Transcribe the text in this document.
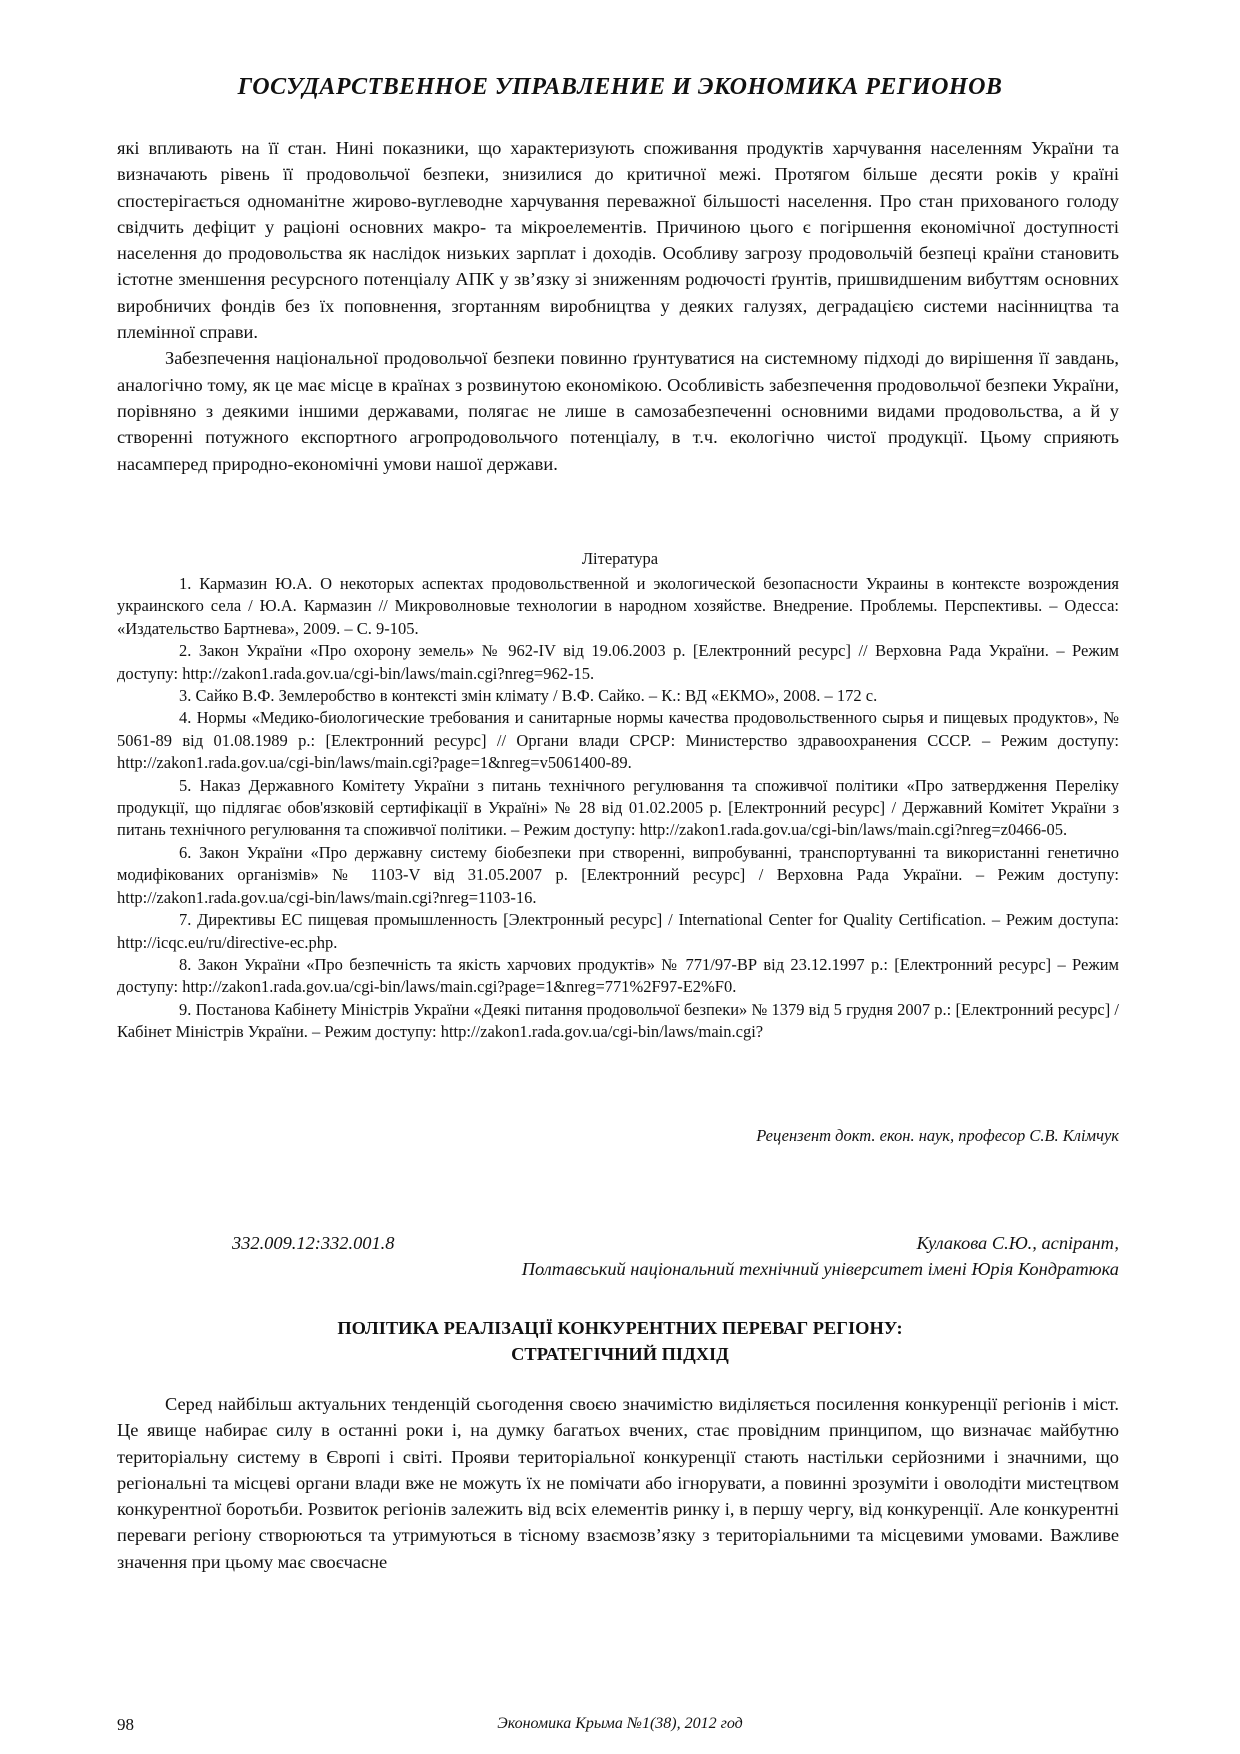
ГОСУДАРСТВЕННОЕ УПРАВЛЕНИЕ И ЭКОНОМИКА РЕГИОНОВ

які впливають на її стан. Нині показники, що характеризують споживання продуктів харчування населенням України та визначають рівень її продовольчої безпеки, знизилися до критичної межі. Протягом більше десяти років у країні спостерігається одноманітне жирово-вуглеводне харчування переважної більшості населення. Про стан прихованого голоду свідчить дефіцит у раціоні основних макро- та мікроелементів. Причиною цього є погіршення економічної доступності населення до продовольства як наслідок низьких зарплат і доходів. Особливу загрозу продовольчій безпеці країни становить істотне зменшення ресурсного потенціалу АПК у зв’язку зі зниженням родючості ґрунтів, пришвидшеним вибуттям основних виробничих фондів без їх поповнення, згортанням виробництва у деяких галузях, деградацією системи насінництва та племінної справи.

Забезпечення національної продовольчої безпеки повинно ґрунтуватися на системному підході до вирішення її завдань, аналогічно тому, як це має місце в країнах з розвинутою економікою. Особливість забезпечення продовольчої безпеки України, порівняно з деякими іншими державами, полягає не лише в самозабезпеченні основними видами продовольства, а й у створенні потужного експортного агропродовольчого потенціалу, в т.ч. екологічно чистої продукції. Цьому сприяють насамперед природно-економічні умови нашої держави.

Література

1. Кармазин Ю.А. О некоторых аспектах продовольственной и экологической безопасности Украины в контексте возрождения украинского села / Ю.А. Кармазин // Микроволновые технологии в народном хозяйстве. Внедрение. Проблемы. Перспективы. – Одесса: «Издательство Бартнева», 2009. – С. 9-105.

2. Закон України «Про охорону земель» № 962-IV від 19.06.2003 р. [Електронний ресурс] // Верховна Рада України. – Режим доступу: http://zakon1.rada.gov.ua/cgi-bin/laws/main.cgi?nreg=962-15.

3. Сайко В.Ф. Землеробство в контексті змін клімату / В.Ф. Сайко. – К.: ВД «ЕКМО», 2008. – 172 с.

4. Нормы «Медико-биологические требования и санитарные нормы качества продовольственного сырья и пищевых продуктов», № 5061-89 від 01.08.1989 р.: [Електронний ресурс] // Органи влади СРСР: Министерство здравоохранения СССР. – Режим доступу: http://zakon1.rada.gov.ua/cgi-bin/laws/main.cgi?page=1&nreg=v5061400-89.

5. Наказ Державного Комітету України з питань технічного регулювання та споживчої політики «Про затвердження Переліку продукції, що підлягає обов'язковій сертифікації в Україні» № 28 від 01.02.2005 р. [Електронний ресурс] / Державний Комітет України з питань технічного регулювання та споживчої політики. – Режим доступу: http://zakon1.rada.gov.ua/cgi-bin/laws/main.cgi?nreg=z0466-05.

6. Закон України «Про державну систему біобезпеки при створенні, випробуванні, транспортуванні та використанні генетично модифікованих організмів» № 1103-V від 31.05.2007 р. [Електронний ресурс] / Верховна Рада України. – Режим доступу: http://zakon1.rada.gov.ua/cgi-bin/laws/main.cgi?nreg=1103-16.

7. Директивы ЕС пищевая промышленность [Электронный ресурс] / International Center for Quality Certification. – Режим доступа: http://icqc.eu/ru/directive-ec.php.

8. Закон України «Про безпечність та якість харчових продуктів» № 771/97-ВР від 23.12.1997 р.: [Електронний ресурс] – Режим доступу: http://zakon1.rada.gov.ua/cgi-bin/laws/main.cgi?page=1&nreg=771%2F97-E2%F0.

9. Постанова Кабінету Міністрів України «Деякі питання продовольчої безпеки» № 1379 від 5 грудня 2007 р.: [Електронний ресурс] /Кабінет Міністрів України. – Режим доступу: http://zakon1.rada.gov.ua/cgi-bin/laws/main.cgi?

Рецензент докт. екон. наук, професор С.В. Клімчук
332.009.12:332.001.8	Кулакова С.Ю., аспірант,
Полтавський національний технічний університет імені Юрія Кондратюка
ПОЛІТИКА РЕАЛІЗАЦІЇ КОНКУРЕНТНИХ ПЕРЕВАГ РЕГІОНУ:
СТРАТЕГІЧНИЙ ПІДХІД

Серед найбільш актуальних тенденцій сьогодення своєю значимістю виділяється посилення конкуренції регіонів і міст. Це явище набирає силу в останні роки і, на думку багатьох вчених, стає провідним принципом, що визначає майбутню територіальну систему в Європі і світі. Прояви територіальної конкуренції стають настільки серйозними і значними, що регіональні та місцеві органи влади вже не можуть їх не помічати або ігнорувати, а повинні зрозуміти і оволодіти мистецтвом конкурентної боротьби. Розвиток регіонів залежить від всіх елементів ринку і, в першу чергу, від конкуренції. Але конкурентні переваги регіону створюються та утримуються в тісному взаємозв’язку з територіальними та місцевими умовами. Важливе значення при цьому має своєчасне

98	Экономика Крыма №1(38), 2012 год
